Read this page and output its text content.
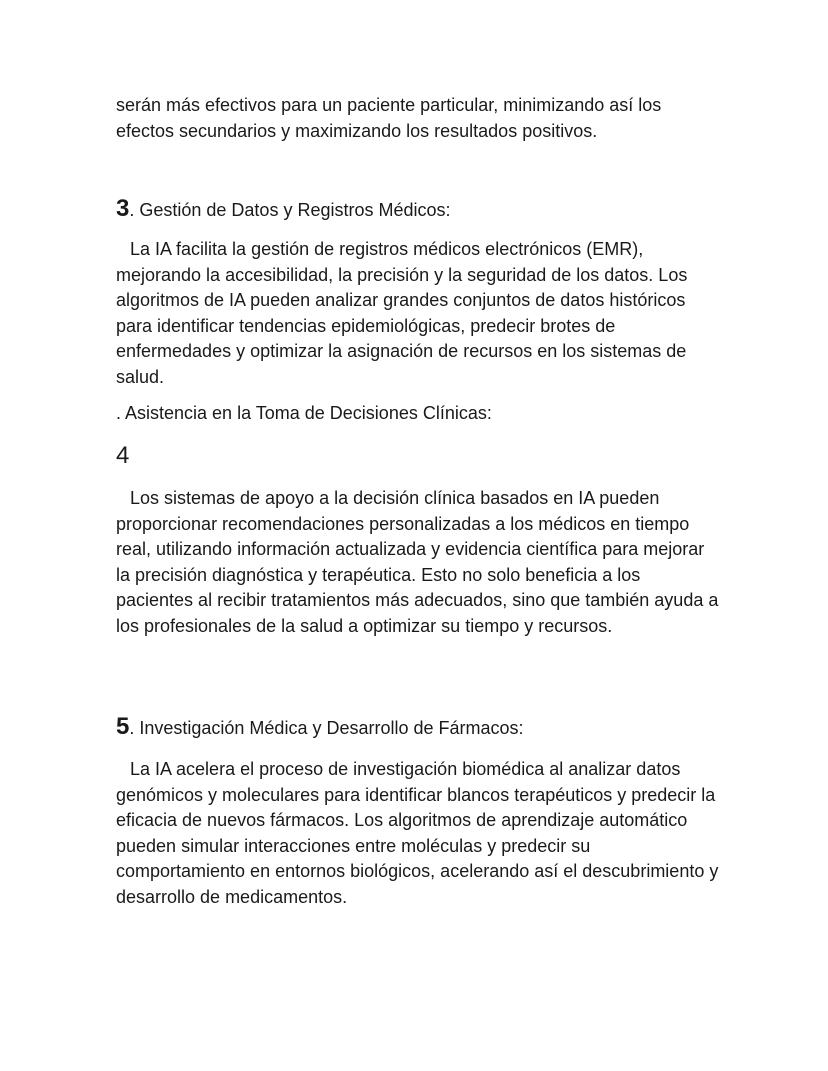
serán más efectivos para un paciente particular, minimizando así los efectos secundarios y maximizando los resultados positivos.

3. Gestión de Datos y Registros Médicos:

La IA facilita la gestión de registros médicos electrónicos (EMR), mejorando la accesibilidad, la precisión y la seguridad de los datos. Los algoritmos de IA pueden analizar grandes conjuntos de datos históricos para identificar tendencias epidemiológicas, predecir brotes de enfermedades y optimizar la asignación de recursos en los sistemas de salud.

. Asistencia en la Toma de Decisiones Clínicas:

4

Los sistemas de apoyo a la decisión clínica basados en IA pueden proporcionar recomendaciones personalizadas a los médicos en tiempo real, utilizando información actualizada y evidencia científica para mejorar la precisión diagnóstica y terapéutica. Esto no solo beneficia a los pacientes al recibir tratamientos más adecuados, sino que también ayuda a los profesionales de la salud a optimizar su tiempo y recursos.

5. Investigación Médica y Desarrollo de Fármacos:

La IA acelera el proceso de investigación biomédica al analizar datos genómicos y moleculares para identificar blancos terapéuticos y predecir la eficacia de nuevos fármacos. Los algoritmos de aprendizaje automático pueden simular interacciones entre moléculas y predecir su comportamiento en entornos biológicos, acelerando así el descubrimiento y desarrollo de medicamentos.
